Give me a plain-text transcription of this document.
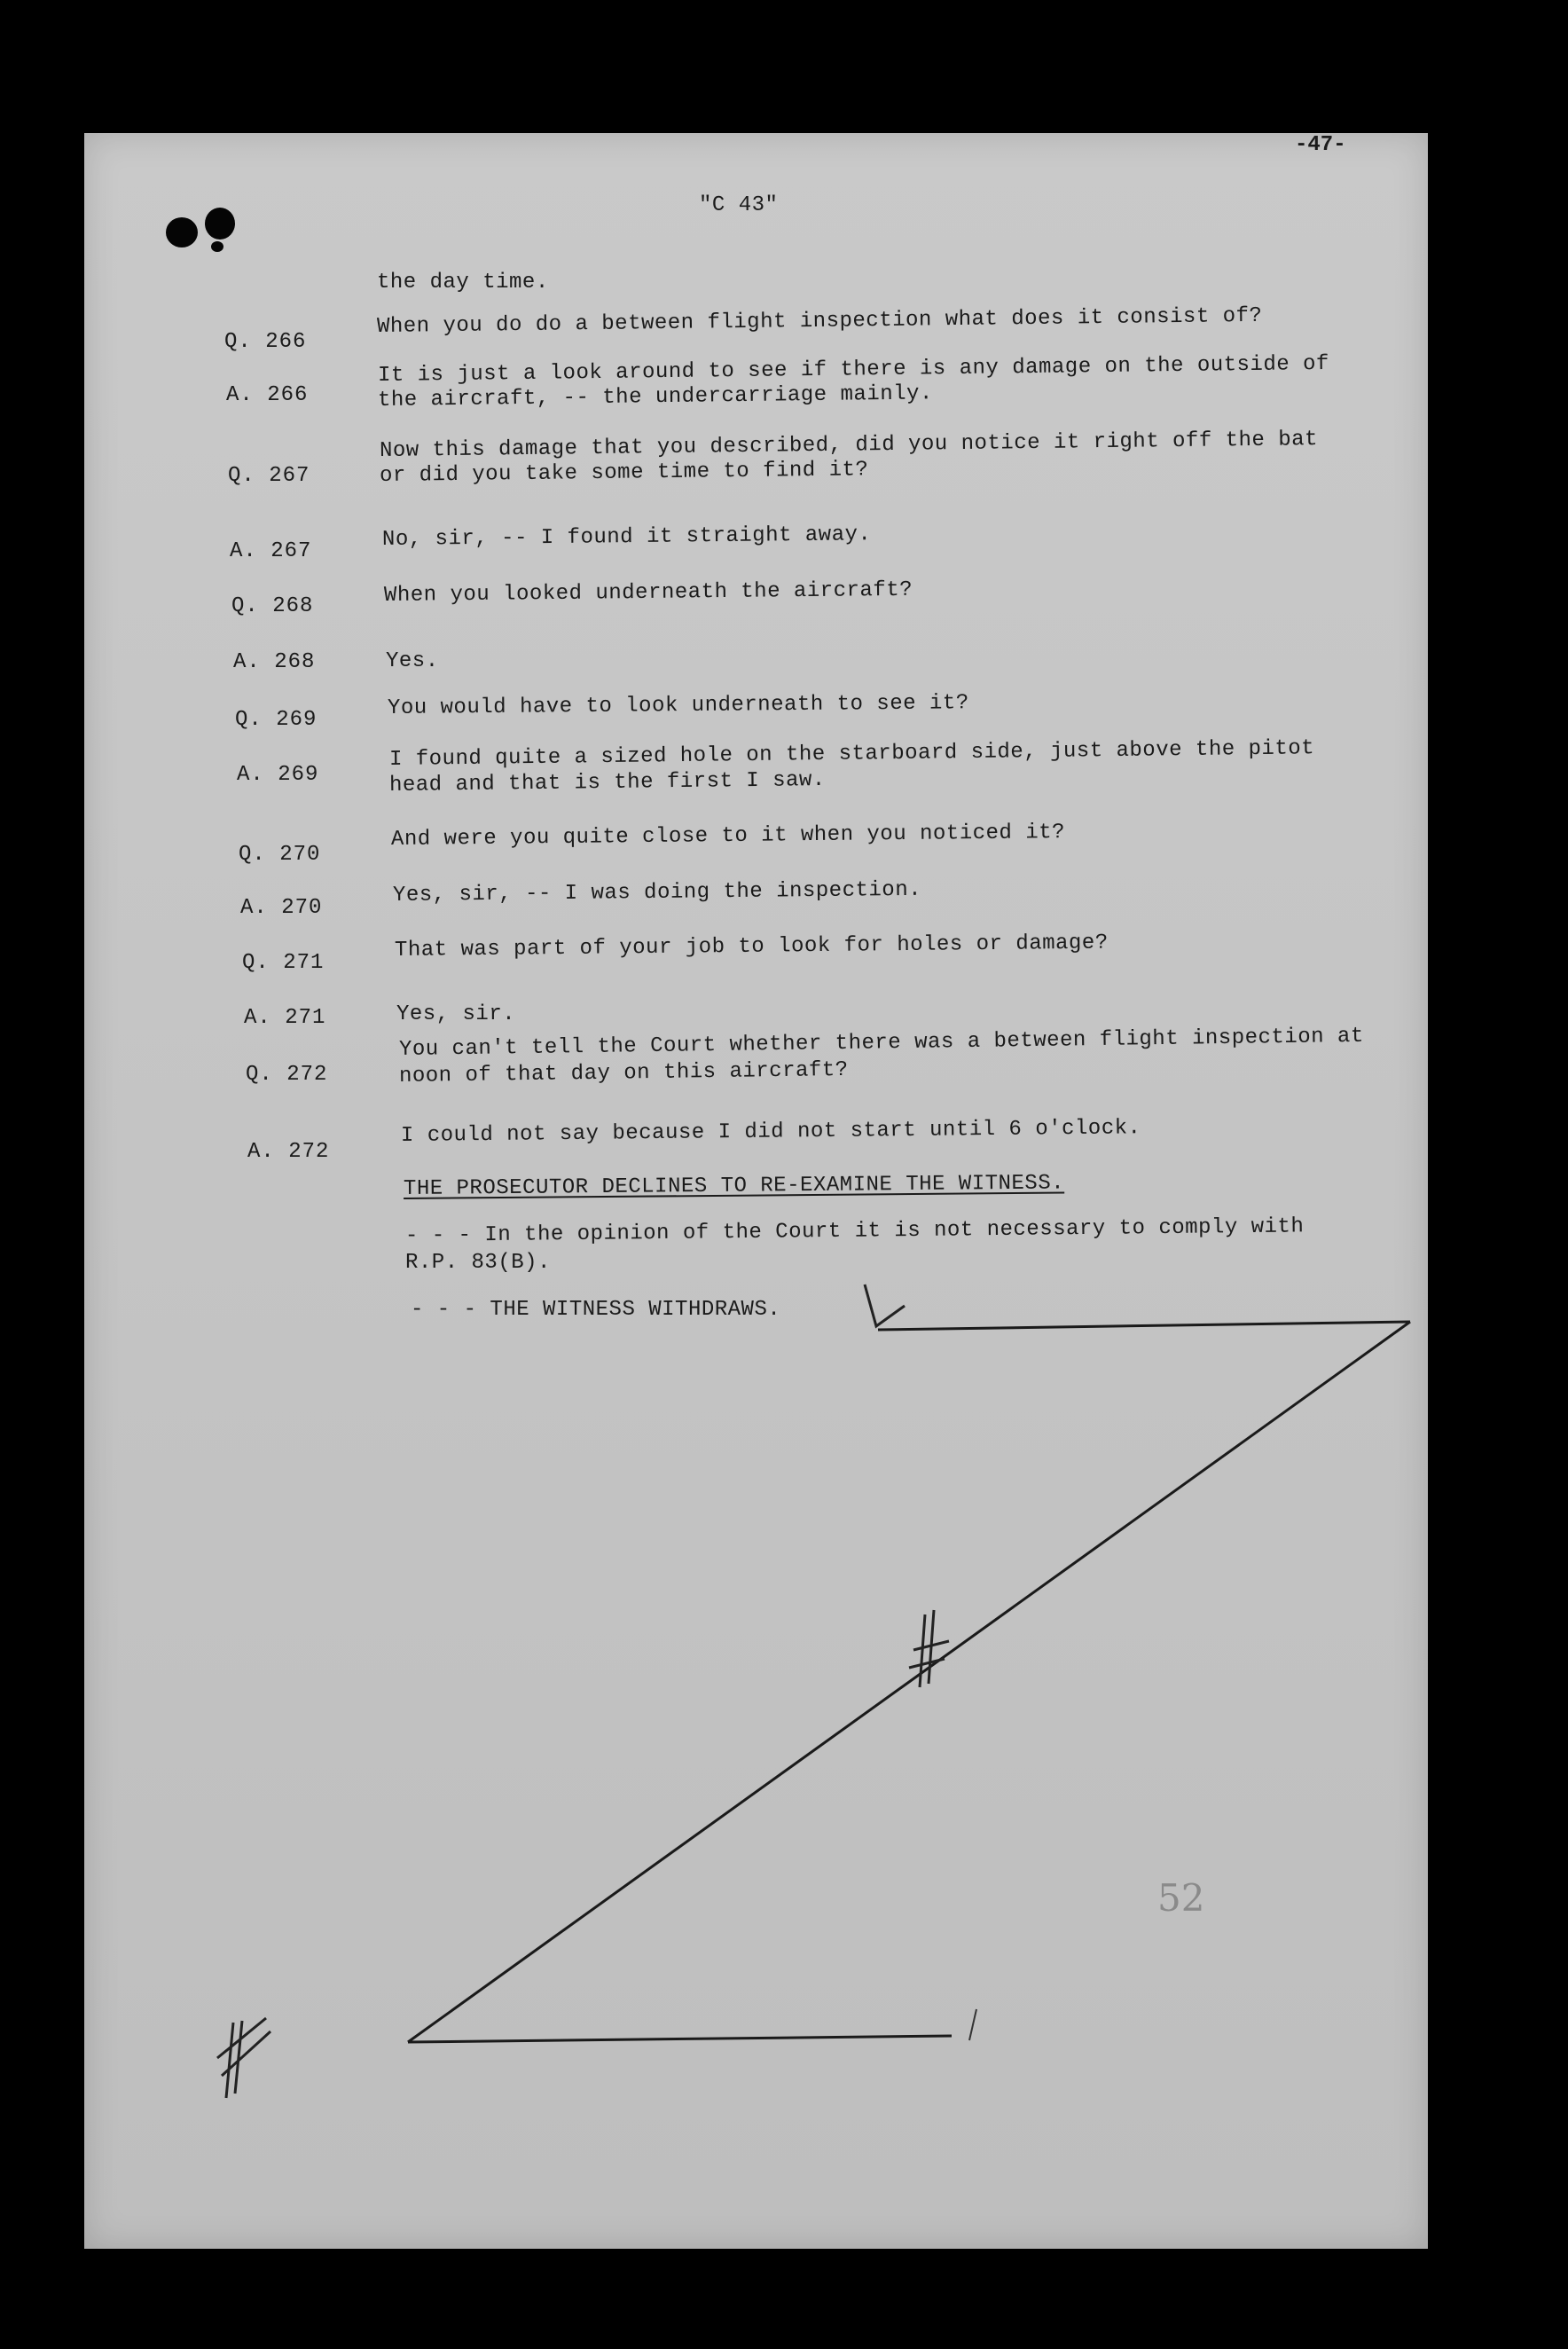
-47-
"C 43"
the day time.
Q. 266
When you do do a between flight inspection what does it consist of?
A. 266
It is just a look around to see if there is any damage on the outside of
the aircraft, -- the undercarriage mainly.
Q. 267
Now this damage that you described, did you notice it right off the bat
or did you take some time to find it?
A. 267	No, sir, -- I found it straight away.
Q. 268	When you looked underneath the aircraft?
A. 268	Yes.
Q. 269	You would have to look underneath to see it?
A. 269
I found quite a sized hole on the starboard side, just above the pitot
head and that is the first I saw.
Q. 270
And were you quite close to it when you noticed it?
A. 270
Yes, sir, -- I was doing the inspection.
Q. 271
That was part of your job to look for holes or damage?
A. 271	Yes, sir.
Q. 272
You can't tell the Court whether there was a between flight inspection at
noon of that day on this aircraft?
A. 272
I could not say because I did not start until 6 o'clock.
THE PROSECUTOR DECLINES TO RE-EXAMINE THE WITNESS.
- - - In the opinion of the Court it is not necessary to comply with
R.P. 83(B).
- - - THE WITNESS WITHDRAWS.
52
